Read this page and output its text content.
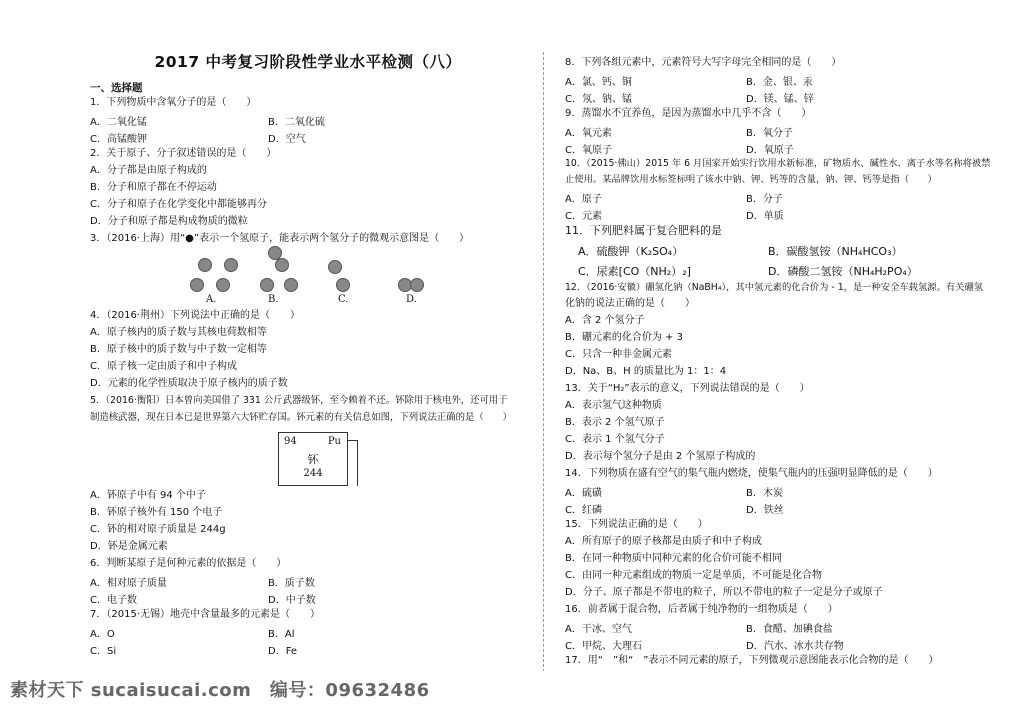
2017 中考复习阶段性学业水平检测（八）
一、选择题
1．下列物质中含氧分子的是（　　）
A．二氧化锰	B．二氧化硫
C．高锰酸钾	D．空气
2．关于原子、分子叙述错误的是（　　）
A．分子都是由原子构成的
B．分子和原子都在不停运动
C．分子和原子在化学变化中都能够再分
D．分子和原子都是构成物质的微粒
3．（2016·上海）用“●”表示一个氢原子，能表示两个氢分子的微观示意图是（　　）
A.	B.	C.	D.
4．（2016·荆州）下列说法中正确的是（　　）
A．原子核内的质子数与其核电荷数相等
B．原子核中的质子数与中子数一定相等
C．原子核一定由质子和中子构成
D．元素的化学性质取决于原子核内的质子数
5．（2016·衡阳）日本曾向美国借了 331 公斤武器级钚，至今赖着不还。钚除用于核电外，还可用于
制造核武器，现在日本已是世界第六大钚贮存国。钚元素的有关信息如图，下列说法正确的是（　　）
94	Pu
钚
244
A．钚原子中有 94 个中子
B．钚原子核外有 150 个电子
C．钚的相对原子质量是 244g
D．钚是金属元素
6．判断某原子是何种元素的依据是（　　）
A．相对原子质量	B．质子数
C．电子数	D．中子数
7．（2015·无锡）地壳中含量最多的元素是（　　）
A．O	B．Al
C．Si	D．Fe
8．下列各组元素中，元素符号大写字母完全相同的是（　　）
A．氯、钙、铜	B．金、银、汞
C．氖、钠、锰	D．镁、锰、锌
9．蒸馏水不宜养鱼，是因为蒸馏水中几乎不含（　　）
A．氧元素	B．氧分子
C．氧原子	D．氧原子
10．（2015·佛山）2015 年 6 月国家开始实行饮用水新标准，矿物质水、碱性水、离子水等名称将被禁
止使用。某品牌饮用水标签标明了该水中钠、钾、钙等的含量，钠、钾、钙等是指（　　）
A．原子	B．分子
C．元素	D．单质
11．下列肥料属于复合肥料的是
A．硫酸钾（K₂SO₄）	B．碳酸氢铵（NH₄HCO₃）
C．尿素[CO（NH₂）₂]	D．磷酸二氢铵（NH₄H₂PO₄）
12．（2016·安徽）硼氢化钠（NaBH₄），其中氢元素的化合价为 - 1，是一种安全车载氢源。有关硼氢
化钠的说法正确的是（　　）
A．含 2 个氢分子
B．硼元素的化合价为 + 3
C．只含一种非金属元素
D．Na、B、H 的质量比为 1：1：4
13．关于“H₂”表示的意义，下列说法错误的是（　　）
A．表示氢气这种物质
B．表示 2 个氢气原子
C．表示 1 个氢气分子
D．表示每个氢分子是由 2 个氢原子构成的
14．下列物质在盛有空气的集气瓶内燃烧，使集气瓶内的压强明显降低的是（　　）
A．硫磺	B．木炭
C．红磷	D．铁丝
15．下列说法正确的是（　　）
A．所有原子的原子核都是由质子和中子构成
B．在同一种物质中同种元素的化合价可能不相同
C．由同一种元素组成的物质一定是单质，不可能是化合物
D．分子、原子都是不带电的粒子，所以不带电的粒子一定是分子或原子
16．前者属于混合物，后者属于纯净物的一组物质是（　　）
A．干冰、空气	B．食醋、加碘食盐
C．甲烷、大理石	D．汽水、冰水共存物
17．用“　”和“　”表示不同元素的原子，下列微观示意图能表示化合物的是（　　）
素材天下 sucaisucai.com　编号：09632486
